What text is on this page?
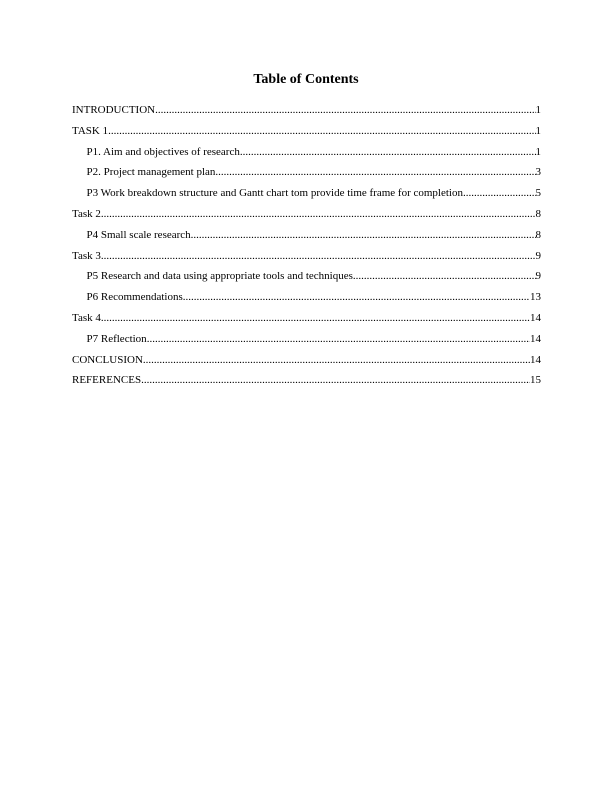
Table of Contents
INTRODUCTION .....	1
TASK 1 .....	1
P1. Aim and objectives of research .....	1
P2. Project management plan .....	3
P3 Work breakdown structure and Gantt chart tom provide time frame for completion .....	5
Task 2 .....	8
P4 Small scale research .....	8
Task 3 .....	9
P5 Research and data using appropriate tools and techniques .....	9
P6 Recommendations .....	13
Task 4 .....	14
P7 Reflection .....	14
CONCLUSION .....	14
REFERENCES .....	15
